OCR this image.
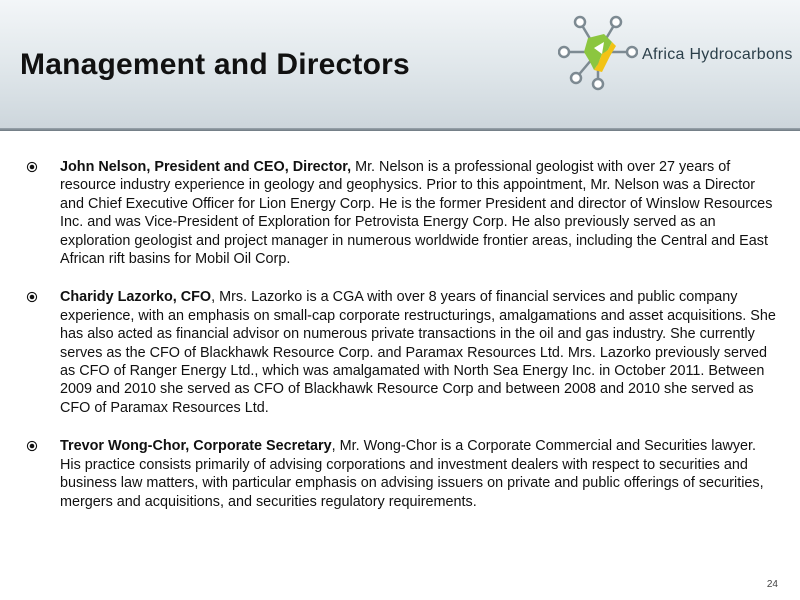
Management and Directors	Africa Hydrocarbons
John Nelson, President and CEO, Director, Mr. Nelson is a professional geologist with over 27 years of resource industry experience in geology and geophysics. Prior to this appointment, Mr. Nelson was a Director and Chief Executive Officer for Lion Energy Corp. He is the former President and director of Winslow Resources Inc. and was Vice-President of Exploration for Petrovista Energy Corp. He also previously served as an exploration geologist and project manager in numerous worldwide frontier areas, including the Central and East African rift basins for Mobil Oil Corp.
Charidy Lazorko, CFO, Mrs. Lazorko is a CGA with over 8 years of financial services and public company experience, with an emphasis on small-cap corporate restructurings, amalgamations and asset acquisitions. She has also acted as financial advisor on numerous private transactions in the oil and gas industry. She currently serves as the CFO of Blackhawk Resource Corp. and Paramax Resources Ltd. Mrs. Lazorko previously served as CFO of Ranger Energy Ltd., which was amalgamated with North Sea Energy Inc. in October 2011. Between 2009 and 2010 she served as CFO of Blackhawk Resource Corp and between 2008 and 2010 she served as CFO of Paramax Resources Ltd.
Trevor Wong-Chor, Corporate Secretary, Mr. Wong-Chor is a Corporate Commercial and Securities lawyer. His practice consists primarily of advising corporations and investment dealers with respect to securities and business law matters, with particular emphasis on advising issuers on private and public offerings of securities, mergers and acquisitions, and securities regulatory requirements.
24
